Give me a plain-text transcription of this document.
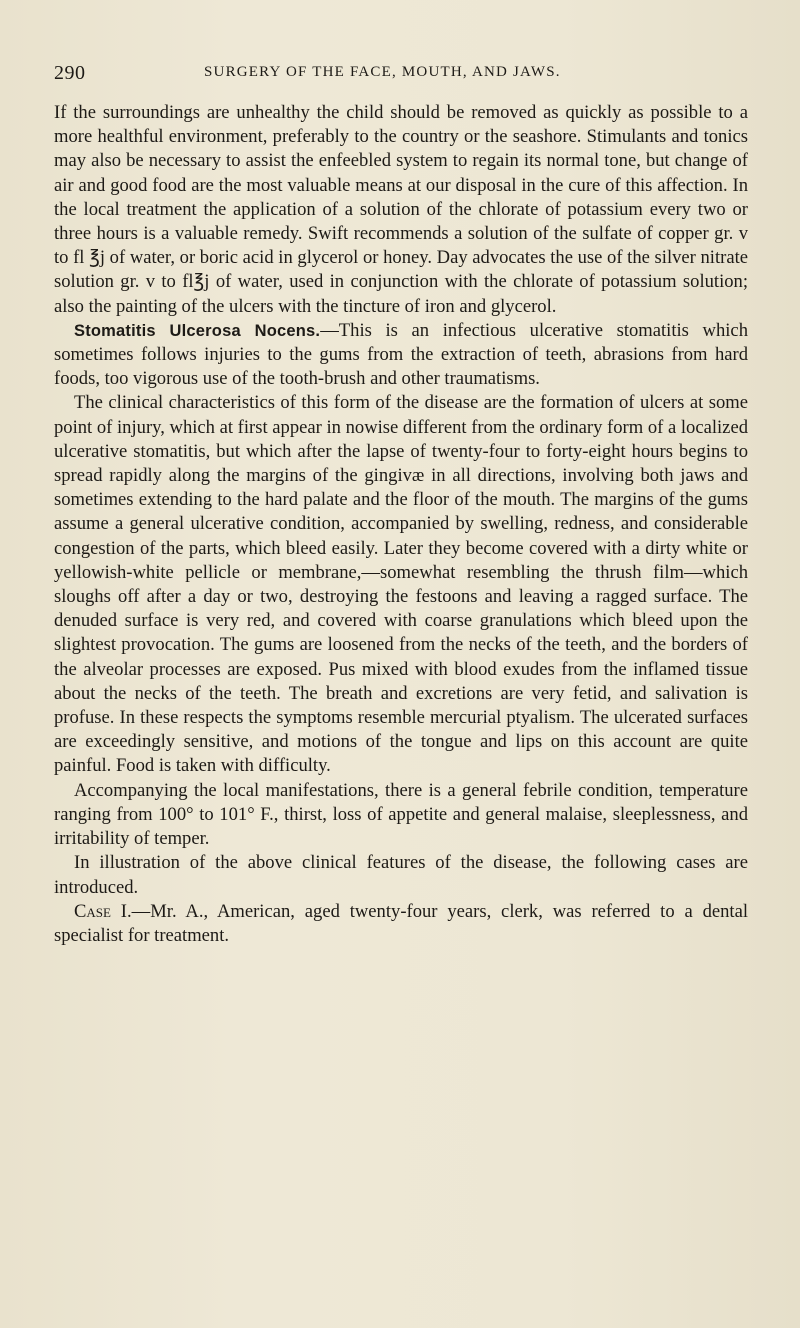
290	SURGERY OF THE FACE, MOUTH, AND JAWS.

If the surroundings are unhealthy the child should be removed as quickly as possible to a more healthful environment, preferably to the country or the seashore. Stimulants and tonics may also be necessary to assist the enfeebled system to regain its normal tone, but change of air and good food are the most valuable means at our disposal in the cure of this affection. In the local treatment the application of a solution of the chlorate of potassium every two or three hours is a valuable remedy. Swift recommends a solution of the sulfate of copper gr. v to fl ℥j of water, or boric acid in glycerol or honey. Day advocates the use of the silver nitrate solution gr. v to fl℥j of water, used in conjunction with the chlorate of potassium solution; also the painting of the ulcers with the tincture of iron and glycerol.

Stomatitis Ulcerosa Nocens.—This is an infectious ulcerative stomatitis which sometimes follows injuries to the gums from the extraction of teeth, abrasions from hard foods, too vigorous use of the tooth-brush and other traumatisms.

The clinical characteristics of this form of the disease are the formation of ulcers at some point of injury, which at first appear in nowise different from the ordinary form of a localized ulcerative stomatitis, but which after the lapse of twenty-four to forty-eight hours begins to spread rapidly along the margins of the gingivæ in all directions, involving both jaws and sometimes extending to the hard palate and the floor of the mouth. The margins of the gums assume a general ulcerative condition, accompanied by swelling, redness, and considerable congestion of the parts, which bleed easily. Later they become covered with a dirty white or yellowish-white pellicle or membrane,—somewhat resembling the thrush film—which sloughs off after a day or two, destroying the festoons and leaving a ragged surface. The denuded surface is very red, and covered with coarse granulations which bleed upon the slightest provocation. The gums are loosened from the necks of the teeth, and the borders of the alveolar processes are exposed. Pus mixed with blood exudes from the inflamed tissue about the necks of the teeth. The breath and excretions are very fetid, and salivation is profuse. In these respects the symptoms resemble mercurial ptyalism. The ulcerated surfaces are exceedingly sensitive, and motions of the tongue and lips on this account are quite painful. Food is taken with difficulty.

Accompanying the local manifestations, there is a general febrile condition, temperature ranging from 100° to 101° F., thirst, loss of appetite and general malaise, sleeplessness, and irritability of temper.

In illustration of the above clinical features of the disease, the following cases are introduced.

Case I.—Mr. A., American, aged twenty-four years, clerk, was referred to a dental specialist for treatment.
